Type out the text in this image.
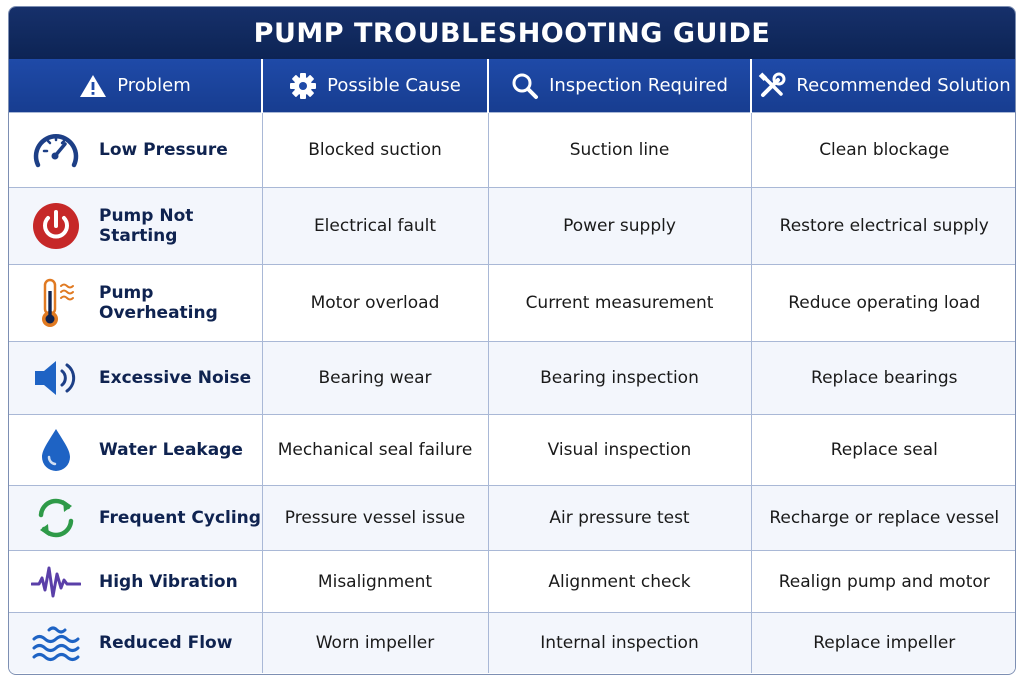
PUMP TROUBLESHOOTING GUIDE
Problem	Possible Cause	Inspection Required	Recommended Solution

Low Pressure	Blocked suction	Suction line	Clean blockage

Pump Not Starting	Electrical fault	Power supply	Restore electrical supply

Pump Overheating	Motor overload	Current measurement	Reduce operating load

Excessive Noise	Bearing wear	Bearing inspection	Replace bearings

Water Leakage	Mechanical seal failure	Visual inspection	Replace seal

Frequent Cycling	Pressure vessel issue	Air pressure test	Recharge or replace vessel

High Vibration	Misalignment	Alignment check	Realign pump and motor

Reduced Flow	Worn impeller	Internal inspection	Replace impeller
